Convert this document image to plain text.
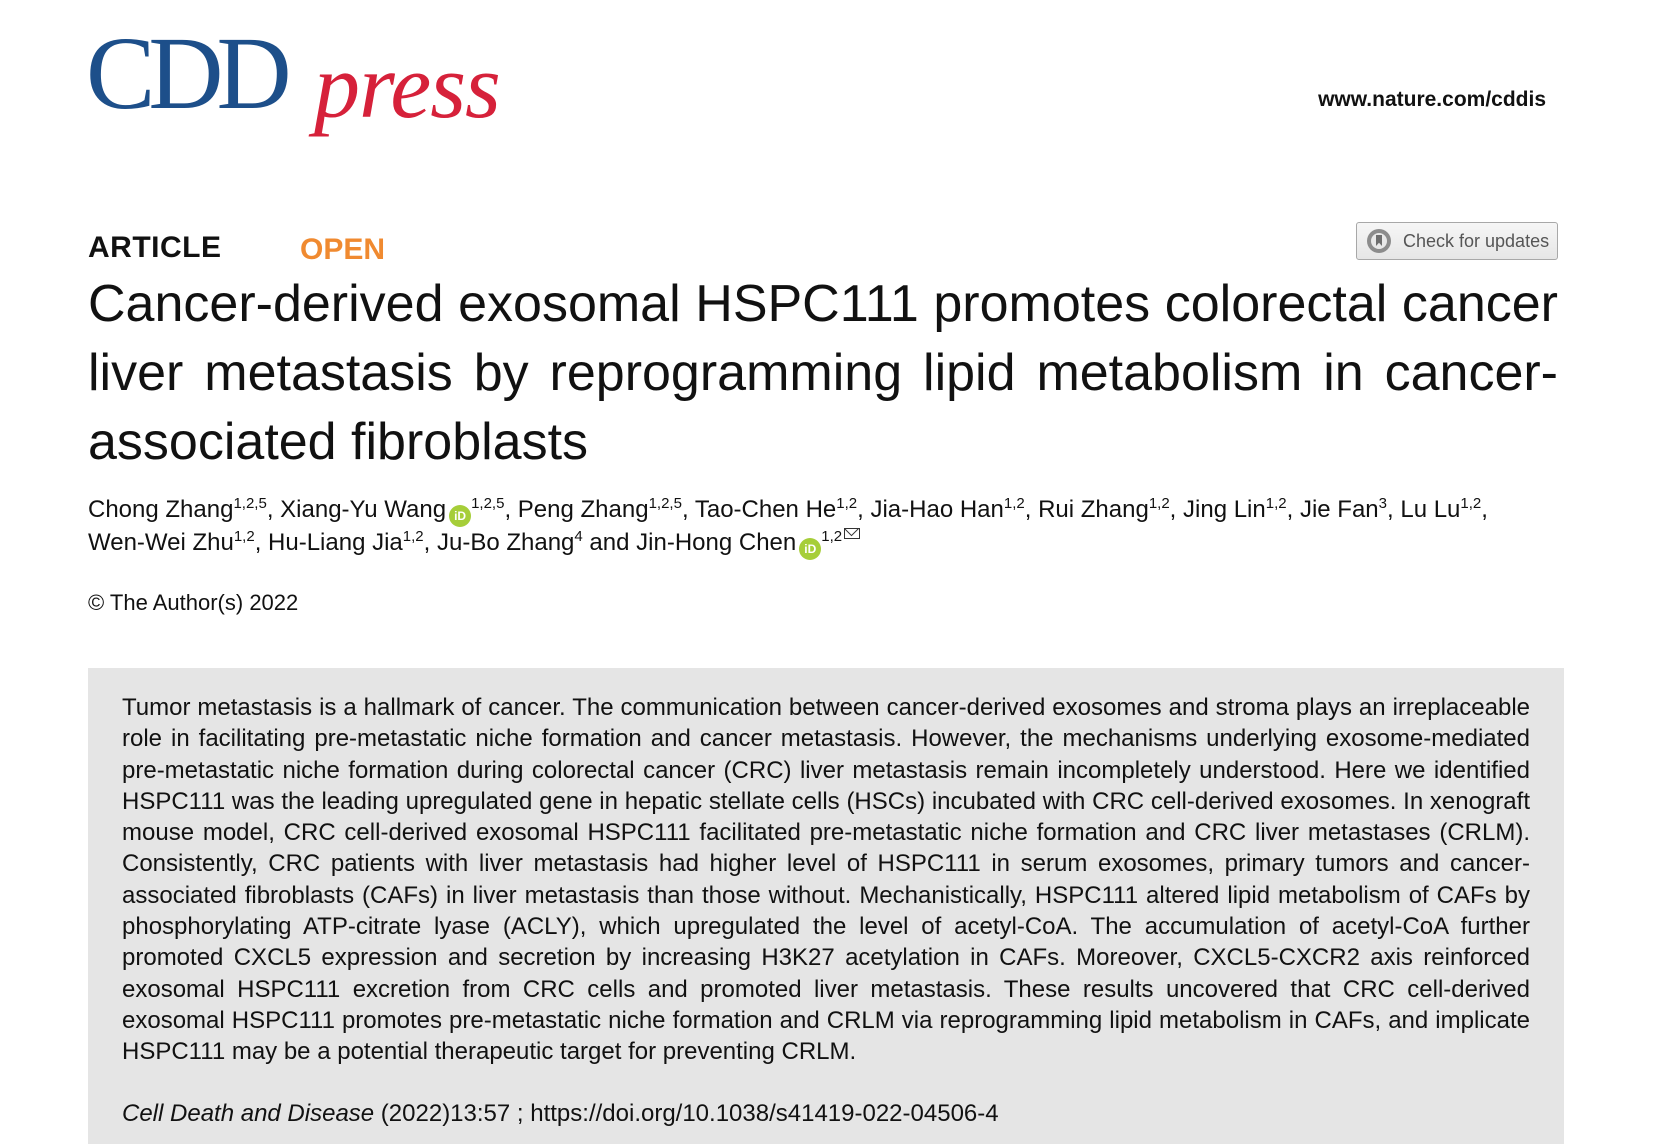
CDD press	www.nature.com/cddis
ARTICLE	OPEN	Check for updates
Cancer-derived exosomal HSPC111 promotes colorectal cancer liver metastasis by reprogramming lipid metabolism in cancer-associated fibroblasts
Chong Zhang$^{1,2,5}$, Xiang-Yu Wang iD$^{1,2,5}$, Peng Zhang$^{1,2,5}$, Tao-Chen He$^{1,2}$, Jia-Hao Han$^{1,2}$, Rui Zhang$^{1,2}$, Jing Lin$^{1,2}$, Jie Fan$^3$, Lu Lu$^{1,2}$, Wen-Wei Zhu$^{1,2}$, Hu-Liang Jia$^{1,2}$, Ju-Bo Zhang$^4$ and Jin-Hong Chen iD$^{1,2}$
© The Author(s) 2022

Tumor metastasis is a hallmark of cancer. The communication between cancer-derived exosomes and stroma plays an irreplaceable role in facilitating pre-metastatic niche formation and cancer metastasis. However, the mechanisms underlying exosome-mediated pre-metastatic niche formation during colorectal cancer (CRC) liver metastasis remain incompletely understood. Here we identified HSPC111 was the leading upregulated gene in hepatic stellate cells (HSCs) incubated with CRC cell-derived exosomes. In xenograft mouse model, CRC cell-derived exosomal HSPC111 facilitated pre-metastatic niche formation and CRC liver metastases (CRLM). Consistently, CRC patients with liver metastasis had higher level of HSPC111 in serum exosomes, primary tumors and cancer-associated fibroblasts (CAFs) in liver metastasis than those without. Mechanistically, HSPC111 altered lipid metabolism of CAFs by phosphorylating ATP-citrate lyase (ACLY), which upregulated the level of acetyl-CoA. The accumulation of acetyl-CoA further promoted CXCL5 expression and secretion by increasing H3K27 acetylation in CAFs. Moreover, CXCL5-CXCR2 axis reinforced exosomal HSPC111 excretion from CRC cells and promoted liver metastasis. These results uncovered that CRC cell-derived exosomal HSPC111 promotes pre-metastatic niche formation and CRLM via reprogramming lipid metabolism in CAFs, and implicate HSPC111 may be a potential therapeutic target for preventing CRLM.

Cell Death and Disease (2022)13:57 ; https://doi.org/10.1038/s41419-022-04506-4
